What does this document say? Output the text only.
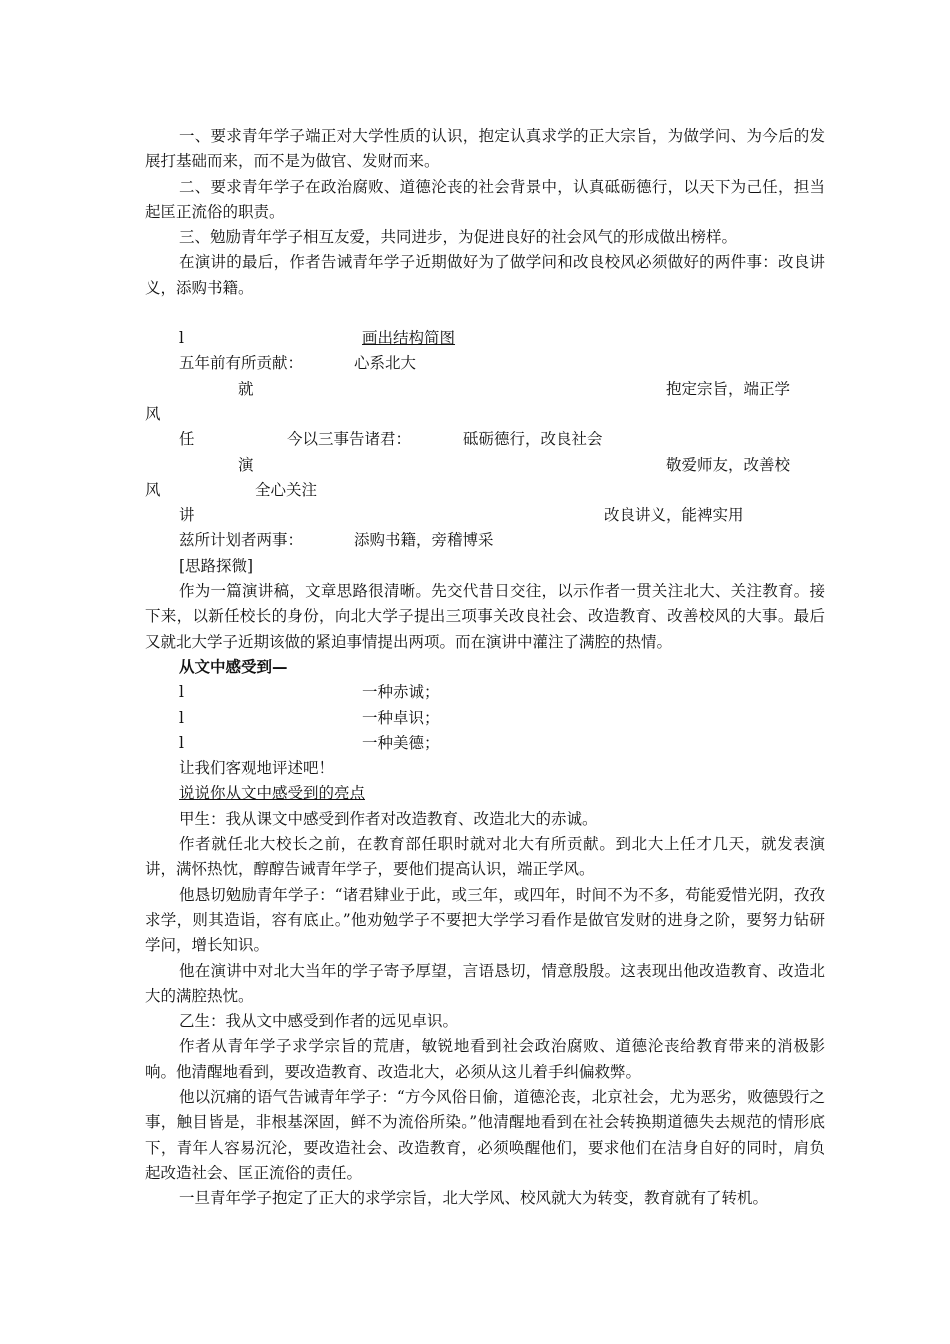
一、要求青年学子端正对大学性质的认识，抱定认真求学的正大宗旨，为做学问、为今后的发展打基础而来，而不是为做官、发财而来。

二、要求青年学子在政治腐败、道德沦丧的社会背景中，认真砥砺德行，以天下为己任，担当起匡正流俗的职责。

三、勉励青年学子相互友爱，共同进步，为促进良好的社会风气的形成做出榜样。

在演讲的最后，作者告诫青年学子近期做好为了做学问和改良校风必须做好的两件事：改良讲义，添购书籍。

l	画出结构简图
五年前有所贡献：	心系北大
就	抱定宗旨，端正学
风
任	今以三事告诸君：	砥砺德行，改良社会
演	敬爱师友，改善校
风	全心关注
讲	改良讲义，能裨实用
兹所计划者两事：	添购书籍，旁稽博采

[思路探微]

作为一篇演讲稿，文章思路很清晰。先交代昔日交往，以示作者一贯关注北大、关注教育。接下来，以新任校长的身份，向北大学子提出三项事关改良社会、改造教育、改善校风的大事。最后又就北大学子近期该做的紧迫事情提出两项。而在演讲中灌注了满腔的热情。

从文中感受到—

l	一种赤诚；
l	一种卓识；
l	一种美德；

让我们客观地评述吧！

说说你从文中感受到的亮点

甲生：我从课文中感受到作者对改造教育、改造北大的赤诚。

作者就任北大校长之前，在教育部任职时就对北大有所贡献。到北大上任才几天，就发表演讲，满怀热忱，醇醇告诫青年学子，要他们提高认识，端正学风。

他恳切勉励青年学子：“诸君肄业于此，或三年，或四年，时间不为不多，苟能爱惜光阴，孜孜求学，则其造诣，容有底止。”他劝勉学子不要把大学学习看作是做官发财的进身之阶，要努力钻研学问，增长知识。

他在演讲中对北大当年的学子寄予厚望，言语恳切，情意殷殷。这表现出他改造教育、改造北大的满腔热忱。

乙生：我从文中感受到作者的远见卓识。

作者从青年学子求学宗旨的荒唐，敏锐地看到社会政治腐败、道德沦丧给教育带来的消极影响。他清醒地看到，要改造教育、改造北大，必须从这儿着手纠偏救弊。

他以沉痛的语气告诫青年学子：“方今风俗日偷，道德沦丧，北京社会，尤为恶劣，败德毁行之事，触目皆是，非根基深固，鲜不为流俗所染。”他清醒地看到在社会转换期道德失去规范的情形底下，青年人容易沉沦，要改造社会、改造教育，必须唤醒他们，要求他们在洁身自好的同时，肩负起改造社会、匡正流俗的责任。

一旦青年学子抱定了正大的求学宗旨，北大学风、校风就大为转变，教育就有了转机。
